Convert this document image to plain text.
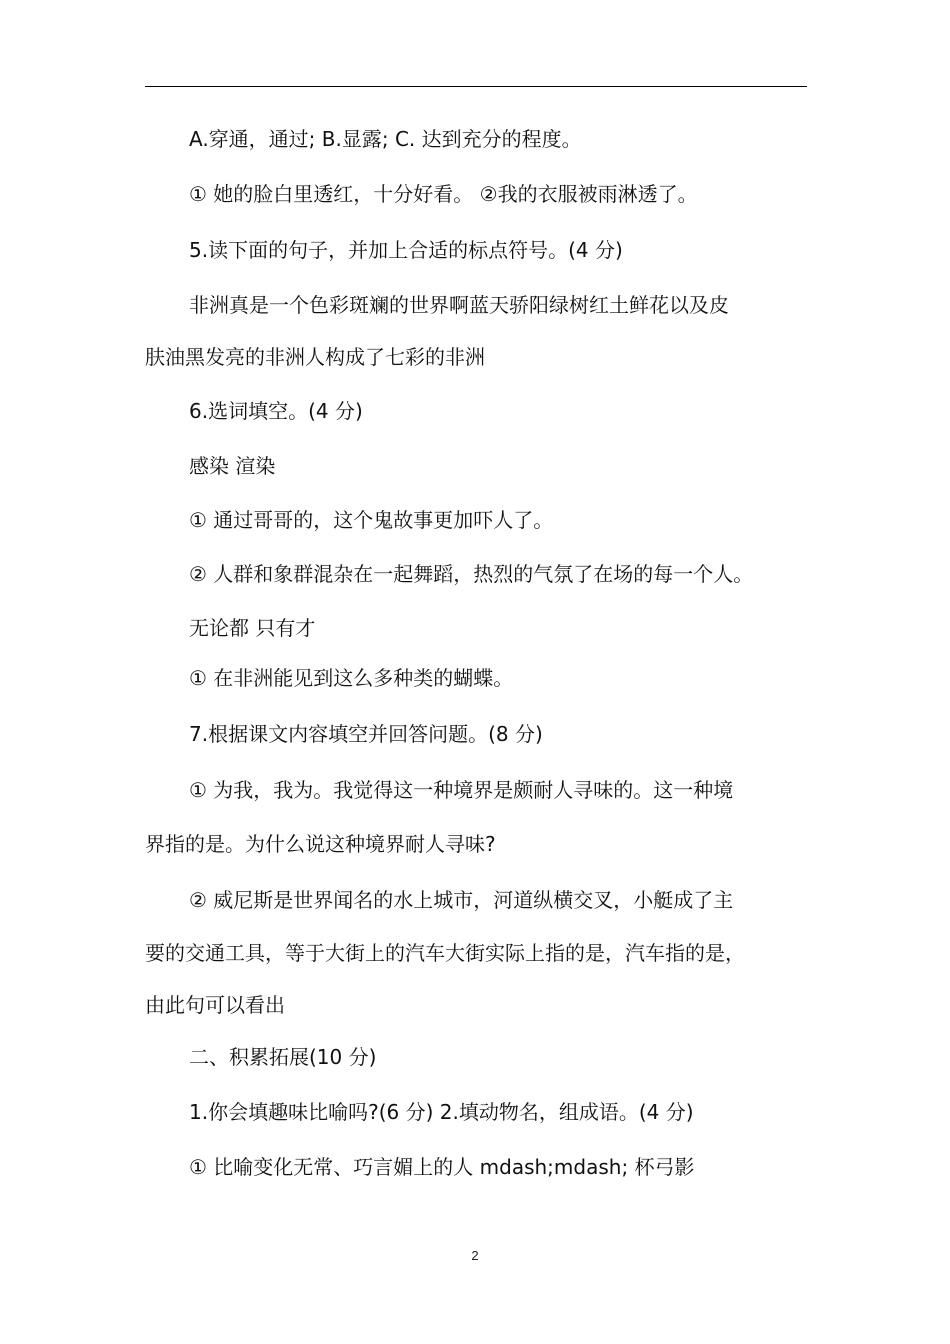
A.穿通，通过; B.显露; C. 达到充分的程度。
① 她的脸白里透红，十分好看。 ②我的衣服被雨淋透了。
5.读下面的句子，并加上合适的标点符号。(4 分)
非洲真是一个色彩斑斓的世界啊蓝天骄阳绿树红土鲜花以及皮
肤油黑发亮的非洲人构成了七彩的非洲
6.选词填空。(4 分)
感染 渲染
① 通过哥哥的，这个鬼故事更加吓人了。
② 人群和象群混杂在一起舞蹈，热烈的气氛了在场的每一个人。
无论都 只有才
① 在非洲能见到这么多种类的蝴蝶。
7.根据课文内容填空并回答问题。(8 分)
① 为我，我为。我觉得这一种境界是颇耐人寻味的。这一种境
界指的是。为什么说这种境界耐人寻味?
② 威尼斯是世界闻名的水上城市，河道纵横交叉，小艇成了主
要的交通工具，等于大街上的汽车大街实际上指的是，汽车指的是，
由此句可以看出
二、积累拓展(10 分)
1.你会填趣味比喻吗?(6 分) 2.填动物名，组成语。(4 分)
① 比喻变化无常、巧言媚上的人 mdash;mdash; 杯弓影
2
